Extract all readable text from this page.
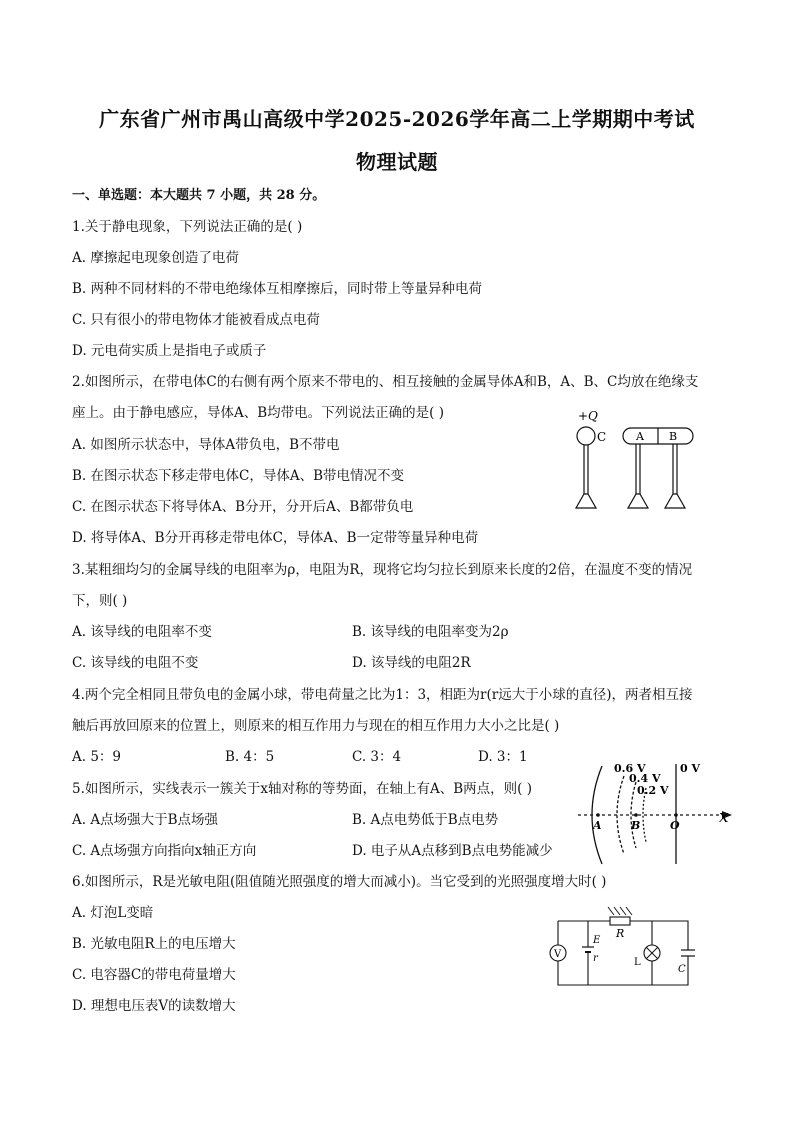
广东省广州市禺山高级中学2025-2026学年高二上学期期中考试
物理试题
一、单选题：本大题共 7 小题，共 28 分。
1.关于静电现象，下列说法正确的是( )
A. 摩擦起电现象创造了电荷
B. 两种不同材料的不带电绝缘体互相摩擦后，同时带上等量异种电荷
C. 只有很小的带电物体才能被看成点电荷
D. 元电荷实质上是指电子或质子
2.如图所示，在带电体C的右侧有两个原来不带电的、相互接触的金属导体A和B，A、B、C均放在绝缘支
座上。由于静电感应，导体A、B均带电。下列说法正确的是( )
A. 如图所示状态中，导体A带负电，B不带电
B. 在图示状态下移走带电体C，导体A、B带电情况不变
C. 在图示状态下将导体A、B分开，分开后A、B都带负电
D. 将导体A、B分开再移走带电体C，导体A、B一定带等量异种电荷
+Q
C	A B
3.某粗细均匀的金属导线的电阻率为ρ，电阻为R，现将它均匀拉长到原来长度的2倍，在温度不变的情况
下，则( )
A. 该导线的电阻率不变	B. 该导线的电阻率变为2ρ
C. 该导线的电阻不变	D. 该导线的电阻2R
4.两个完全相同且带负电的金属小球，带电荷量之比为1：3，相距为r(r远大于小球的直径)，两者相互接
触后再放回原来的位置上，则原来的相互作用力与现在的相互作用力大小之比是( )
A. 5：9	B. 4：5	C. 3：4	D. 3：1
5.如图所示，实线表示一簇关于x轴对称的等势面，在轴上有A、B两点，则( )
A. A点场强大于B点场强	B. A点电势低于B点电势
C. A点场强方向指向x轴正方向	D. 电子从A点移到B点电势能减少
0.6 V
0.4 V
0.2 V
0 V
A	B	O x
6.如图所示，R是光敏电阻(阻值随光照强度的增大而减小)。当它受到的光照强度增大时( )
A. 灯泡L变暗
B. 光敏电阻R上的电压增大
C. 电容器C的带电荷量增大
D. 理想电压表V的读数增大
R
V
E
r	L
C
